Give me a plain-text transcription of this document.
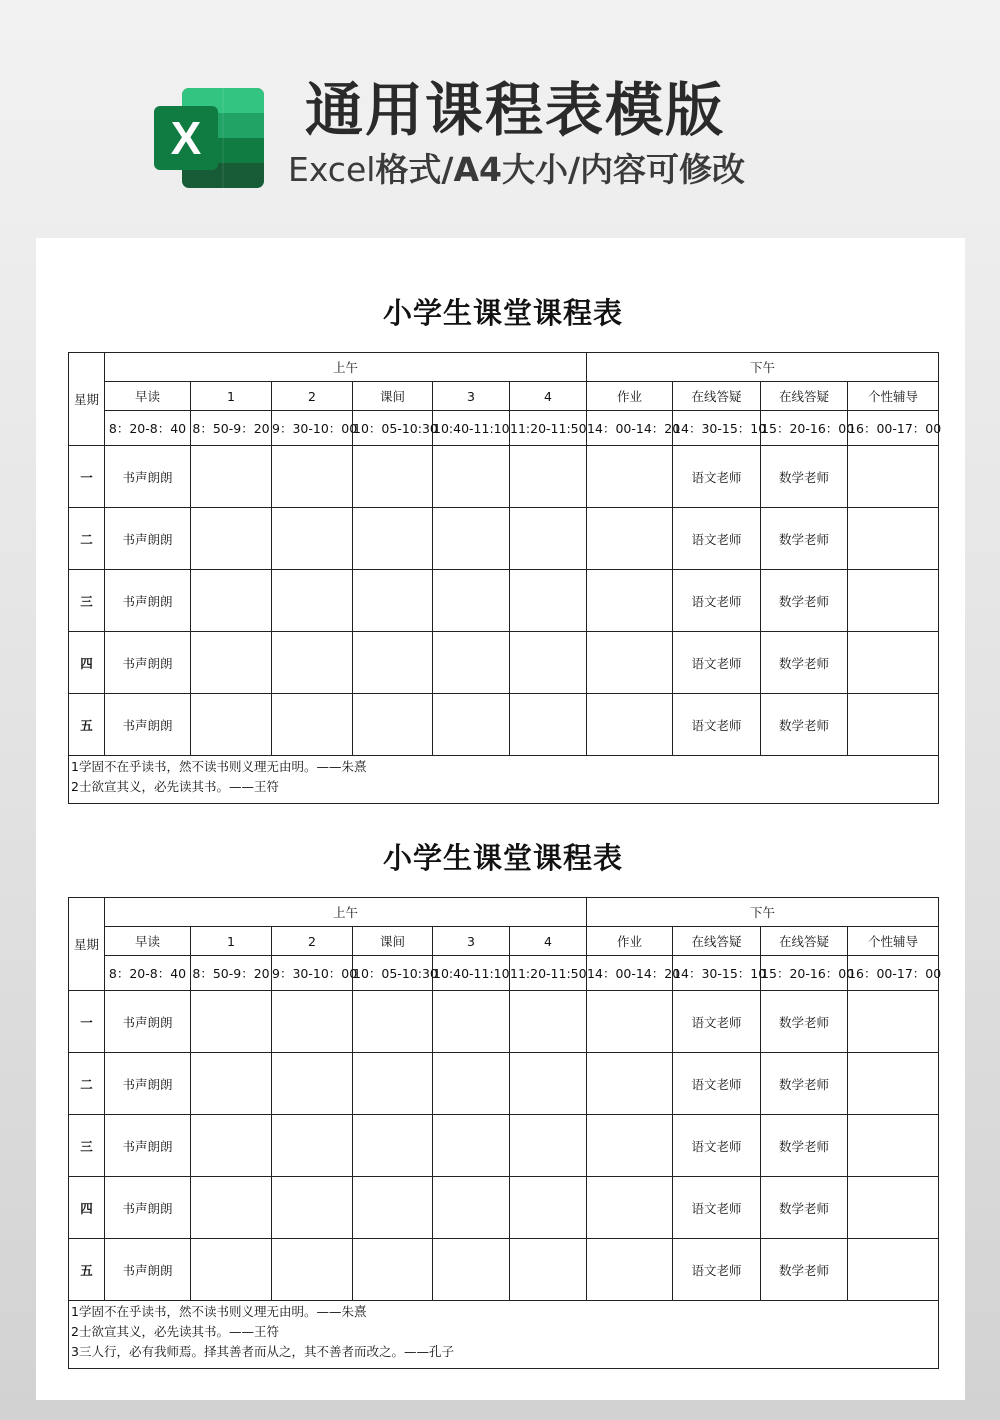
X 通用课程表模版
Excel格式/A4大小/内容可修改
小学生课堂课程表
星期	上午						下午			
	早读	1	2	课间	3	4	作业	在线答疑	在线答疑	个性辅导
	8：20-8：40	8：50-9：20	9：30-10：00	10：05-10:30	10:40-11:10	11:20-11:50	14：00-14：20	14：30-15：10	15：20-16：00	16：00-17：00
一	书声朗朗							语文老师	数学老师	
二	书声朗朗							语文老师	数学老师	
三	书声朗朗							语文老师	数学老师	
四	书声朗朗							语文老师	数学老师	
五	书声朗朗							语文老师	数学老师	

1学固不在乎读书，然不读书则义理无由明。——朱熹
2士欲宣其义，必先读其书。——王符										
小学生课堂课程表
星期	上午						下午			
	早读	1	2	课间	3	4	作业	在线答疑	在线答疑	个性辅导
	8：20-8：40	8：50-9：20	9：30-10：00	10：05-10:30	10:40-11:10	11:20-11:50	14：00-14：20	14：30-15：10	15：20-16：00	16：00-17：00
一	书声朗朗							语文老师	数学老师	
二	书声朗朗							语文老师	数学老师	
三	书声朗朗							语文老师	数学老师	
四	书声朗朗							语文老师	数学老师	
五	书声朗朗							语文老师	数学老师	

1学固不在乎读书，然不读书则义理无由明。——朱熹
2士欲宣其义，必先读其书。——王符
3三人行，必有我师焉。择其善者而从之，其不善者而改之。——孔子										
